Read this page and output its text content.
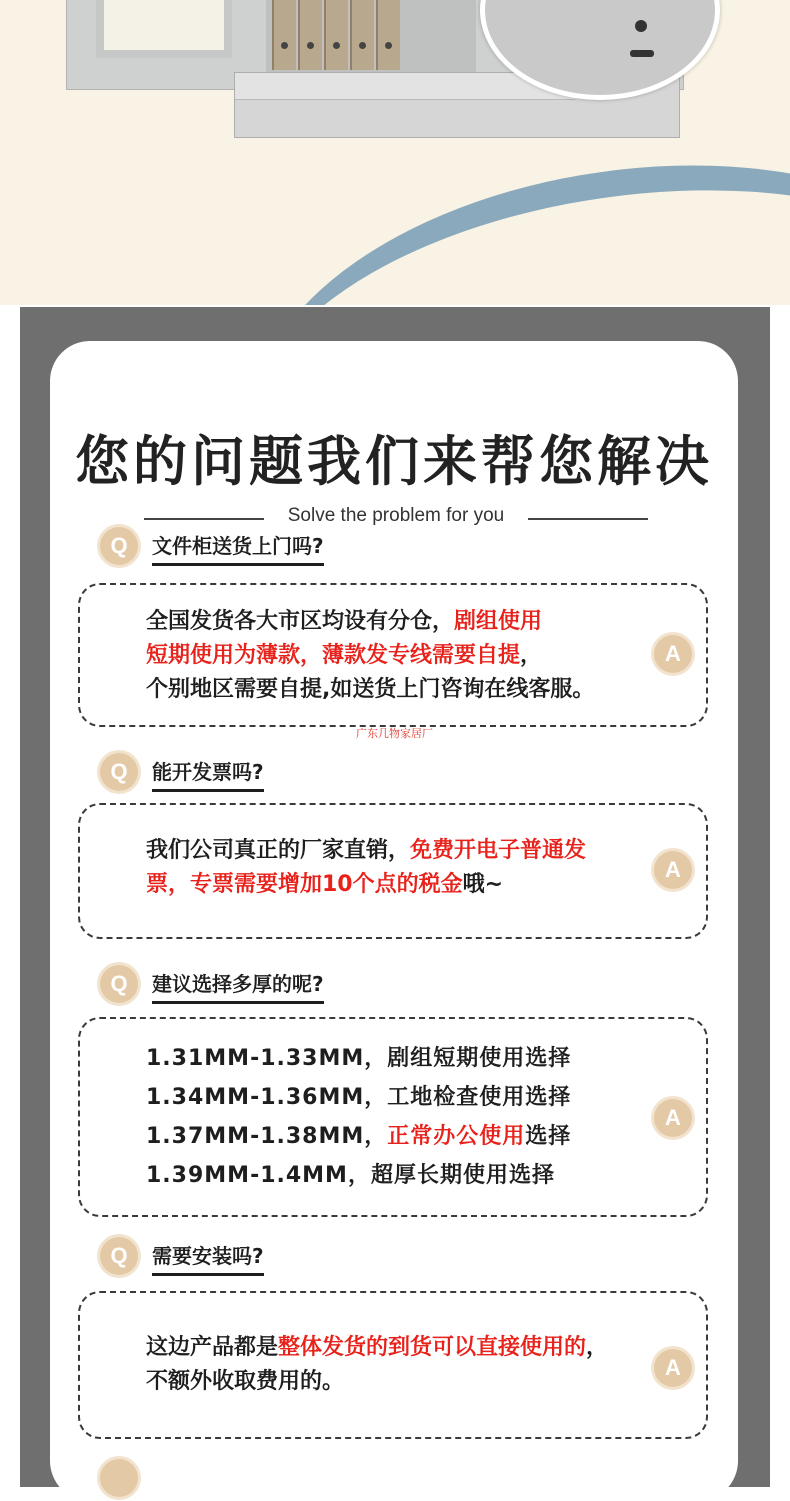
您的问题我们来帮您解决
Solve the problem for you
Q	文件柜送货上门吗?
全国发货各大市区均设有分仓，剧组使用
短期使用为薄款，薄款发专线需要自提，
个别地区需要自提,如送货上门咨询在线客服。
A
广东几物家居厂
Q	能开发票吗?
我们公司真正的厂家直销，免费开电子普通发
票，专票需要增加10个点的税金哦~
A
Q	建议选择多厚的呢?
1.31MM-1.33MM，剧组短期使用选择
1.34MM-1.36MM，工地检查使用选择
1.37MM-1.38MM，正常办公使用选择
1.39MM-1.4MM，超厚长期使用选择
A
Q	需要安装吗?
这边产品都是整体发货的到货可以直接使用的，
不额外收取费用的。
A
